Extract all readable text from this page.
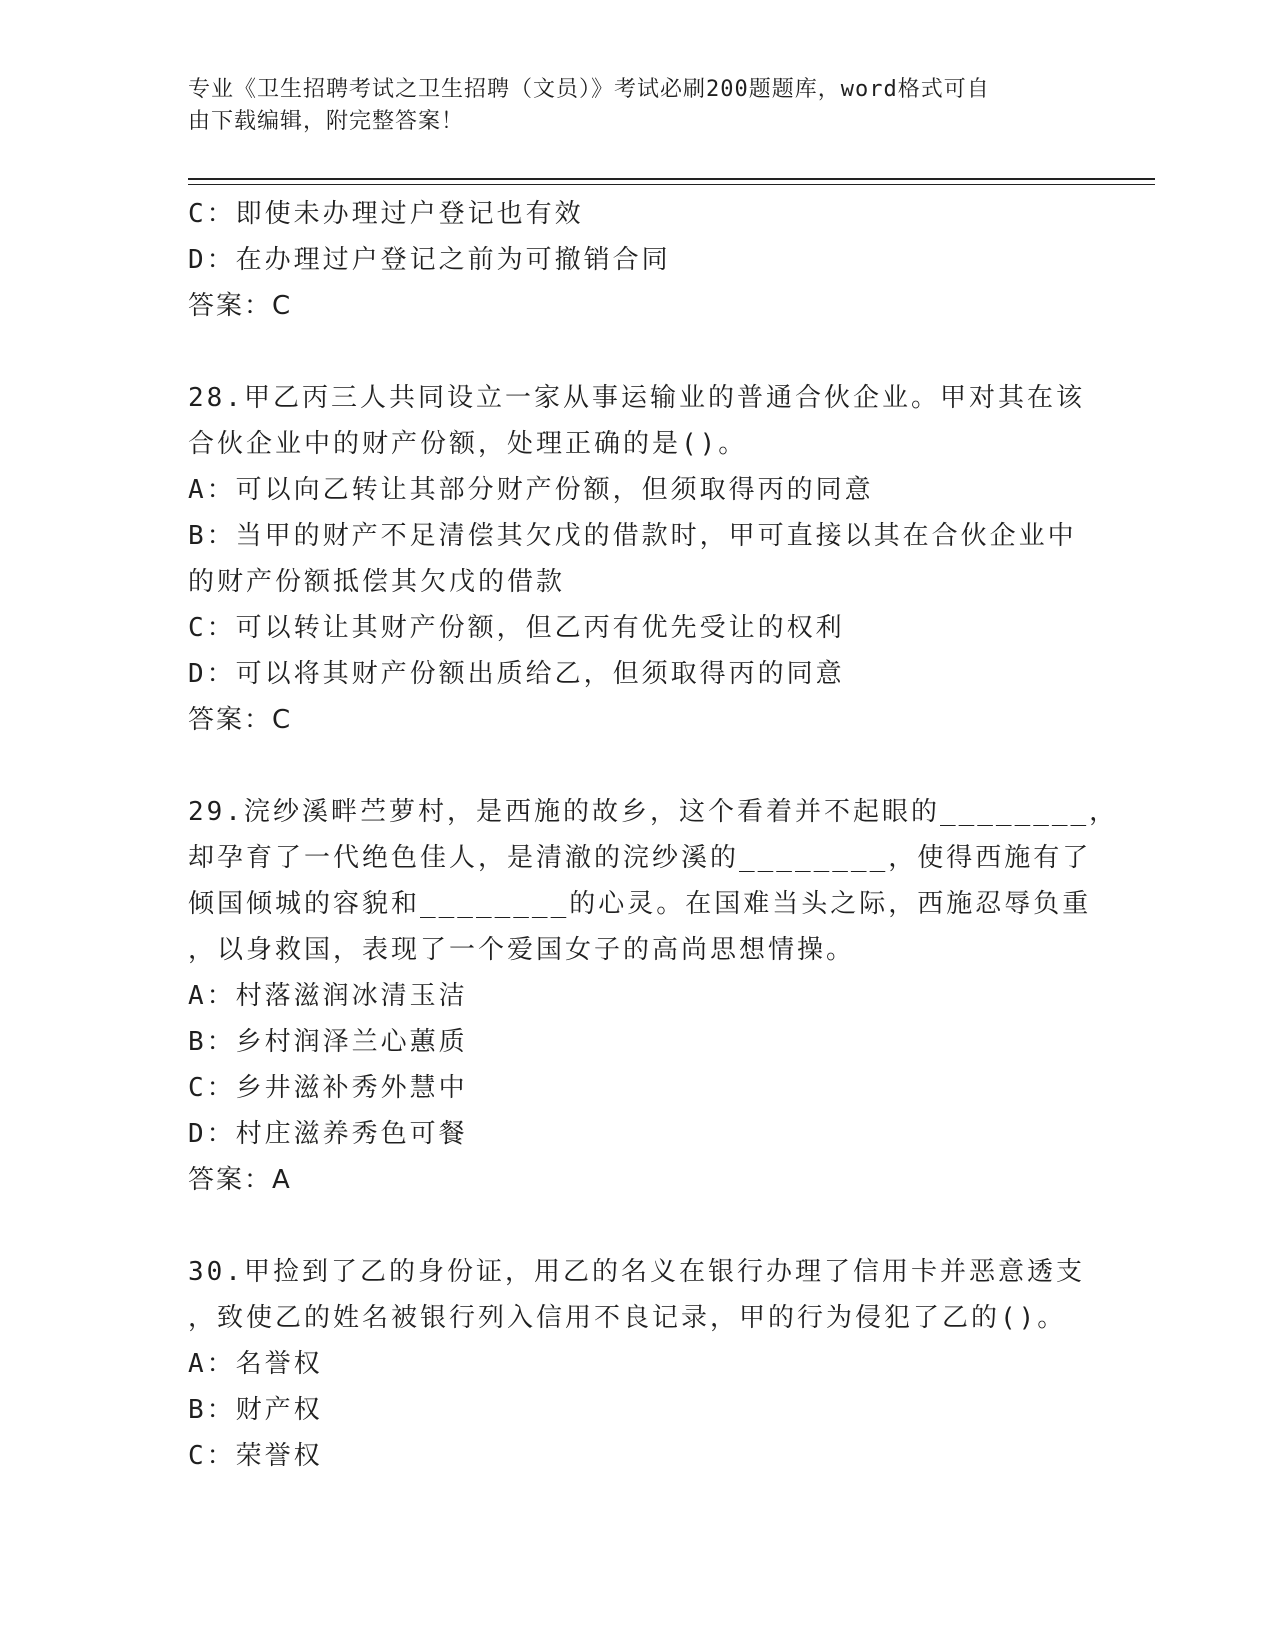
专业《卫生招聘考试之卫生招聘（文员）》考试必刷200题题库，word格式可自
由下载编辑，附完整答案！
C：即使未办理过户登记也有效
D：在办理过户登记之前为可撤销合同
答案：C
28.甲乙丙三人共同设立一家从事运输业的普通合伙企业。甲对其在该
合伙企业中的财产份额，处理正确的是()。
A：可以向乙转让其部分财产份额，但须取得丙的同意
B：当甲的财产不足清偿其欠戊的借款时，甲可直接以其在合伙企业中
的财产份额抵偿其欠戊的借款
C：可以转让其财产份额，但乙丙有优先受让的权利
D：可以将其财产份额出质给乙，但须取得丙的同意
答案：C
29.浣纱溪畔苎萝村，是西施的故乡，这个看着并不起眼的________，
却孕育了一代绝色佳人，是清澈的浣纱溪的________，使得西施有了
倾国倾城的容貌和________的心灵。在国难当头之际，西施忍辱负重
，以身救国，表现了一个爱国女子的高尚思想情操。
A：村落滋润冰清玉洁
B：乡村润泽兰心蕙质
C：乡井滋补秀外慧中
D：村庄滋养秀色可餐
答案：A
30.甲捡到了乙的身份证，用乙的名义在银行办理了信用卡并恶意透支
，致使乙的姓名被银行列入信用不良记录，甲的行为侵犯了乙的()。
A：名誉权
B：财产权
C：荣誉权
